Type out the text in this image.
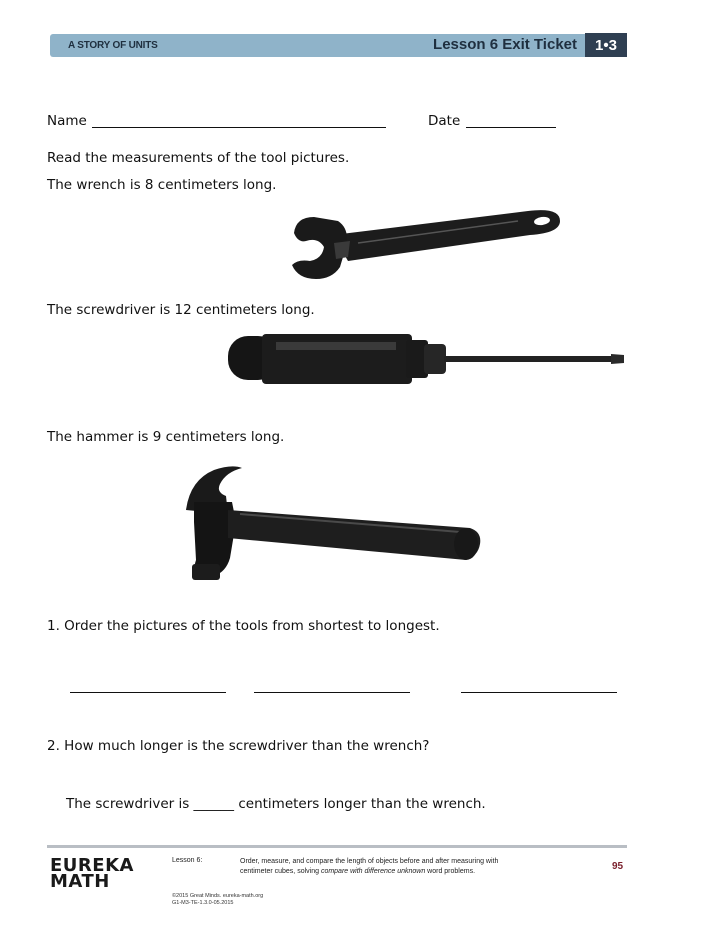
A STORY OF UNITS	Lesson 6 Exit Ticket	1•3
Name	Date
Read the measurements of the tool pictures.
The wrench is 8 centimeters long.
The screwdriver is 12 centimeters long.
The hammer is 9 centimeters long.
1. Order the pictures of the tools from shortest to longest.
2. How much longer is the screwdriver than the wrench?
The screwdriver is ______ centimeters longer than the wrench.
EUREKA
MATH
Lesson 6:	Order, measure, and compare the length of objects before and after measuring with centimeter cubes, solving compare with difference unknown word problems.
©2015 Great Minds. eureka-math.org
G1-M3-TE-1.3.0-05.2015
95
